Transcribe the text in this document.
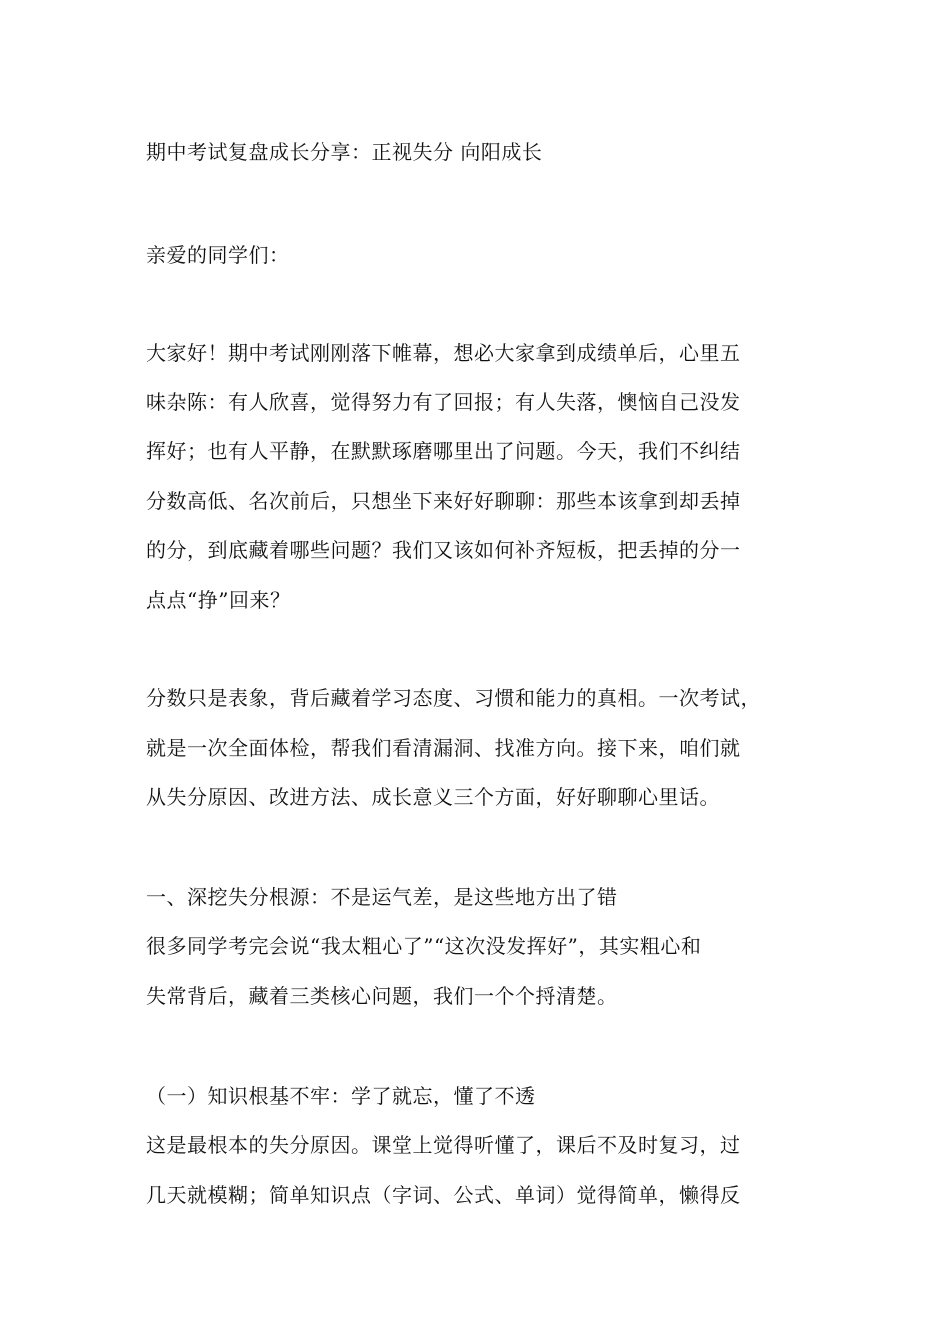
期中考试复盘成长分享：正视失分 向阳成长
亲爱的同学们：
大家好！期中考试刚刚落下帷幕，想必大家拿到成绩单后，心里五
味杂陈：有人欣喜，觉得努力有了回报；有人失落，懊恼自己没发
挥好；也有人平静，在默默琢磨哪里出了问题。今天，我们不纠结
分数高低、名次前后，只想坐下来好好聊聊：那些本该拿到却丢掉
的分，到底藏着哪些问题？我们又该如何补齐短板，把丢掉的分一
点点“挣”回来？
分数只是表象，背后藏着学习态度、习惯和能力的真相。一次考试，
就是一次全面体检，帮我们看清漏洞、找准方向。接下来，咱们就
从失分原因、改进方法、成长意义三个方面，好好聊聊心里话。
一、深挖失分根源：不是运气差，是这些地方出了错
很多同学考完会说“我太粗心了”“这次没发挥好”，其实粗心和
失常背后，藏着三类核心问题，我们一个个捋清楚。
（一）知识根基不牢：学了就忘，懂了不透
这是最根本的失分原因。课堂上觉得听懂了，课后不及时复习，过
几天就模糊；简单知识点（字词、公式、单词）觉得简单，懒得反
